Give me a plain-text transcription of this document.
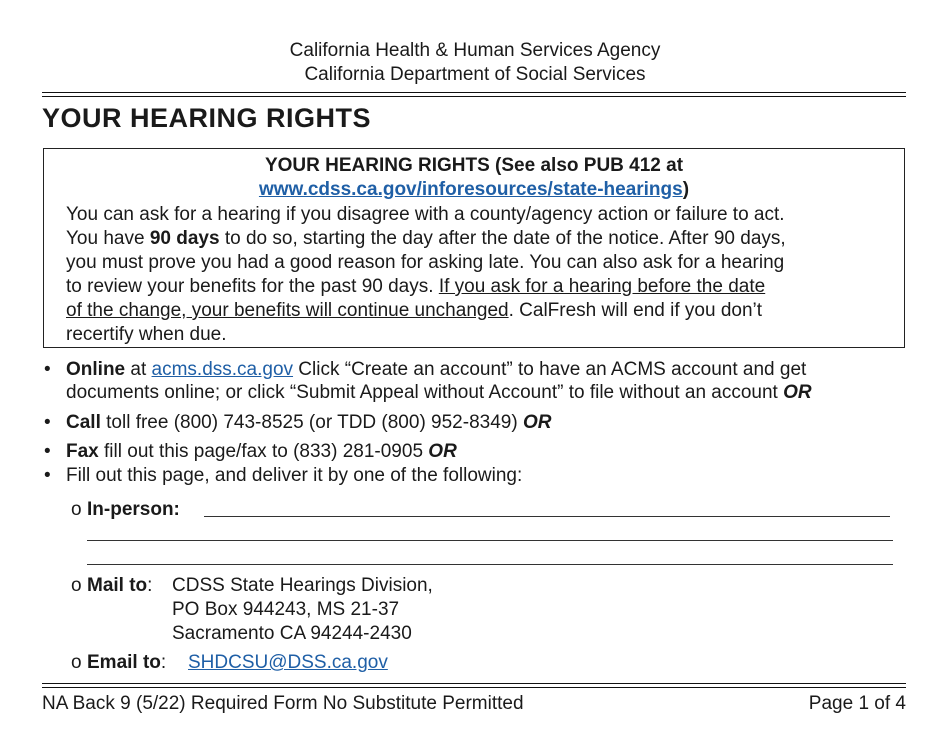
California Health & Human Services Agency
California Department of Social Services
YOUR HEARING RIGHTS
YOUR HEARING RIGHTS (See also PUB 412 at
www.cdss.ca.gov/inforesources/state-hearings)
You can ask for a hearing if you disagree with a county/agency action or failure to act.
You have 90 days to do so, starting the day after the date of the notice. After 90 days,
you must prove you had a good reason for asking late. You can also ask for a hearing
to review your benefits for the past 90 days. If you ask for a hearing before the date
of the change, your benefits will continue unchanged. CalFresh will end if you don’t
recertify when due.
• Online at acms.dss.ca.gov Click “Create an account” to have an ACMS account and get
documents online; or click “Submit Appeal without Account” to file without an account OR
• Call toll free (800) 743-8525 (or TDD (800) 952-8349) OR
• Fax fill out this page/fax to (833) 281-0905 OR
• Fill out this page, and deliver it by one of the following:
o In-person:
o Mail to: CDSS State Hearings Division,
PO Box 944243, MS 21-37
Sacramento CA 94244-2430
o Email to: SHDCSU@DSS.ca.gov
NA Back 9 (5/22) Required Form No Substitute Permitted	Page 1 of 4
